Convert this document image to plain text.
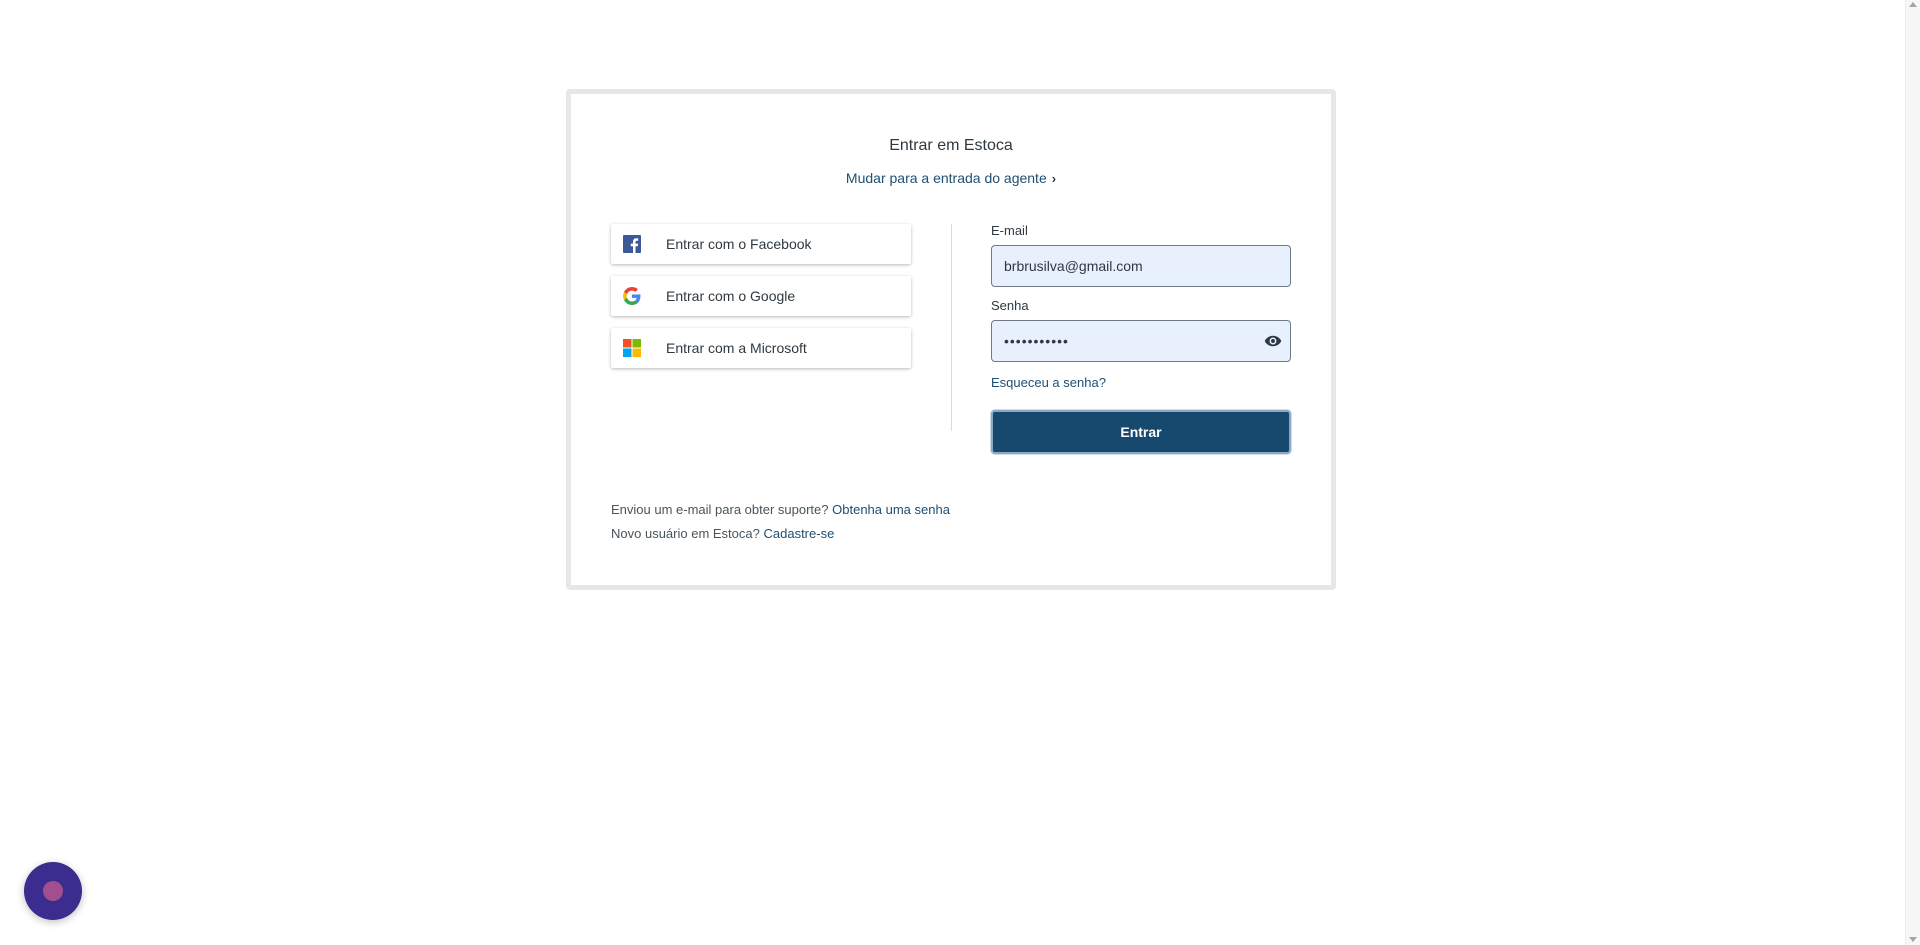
Entrar em Estoca
Mudar para a entrada do agente ›
Entrar com o Facebook
Entrar com o Google
Entrar com a Microsoft
E-mail
brbrusilva@gmail.com
Senha
•••••••••••
Esqueceu a senha?
Entrar
Enviou um e-mail para obter suporte? Obtenha uma senha
Novo usuário em Estoca? Cadastre-se
